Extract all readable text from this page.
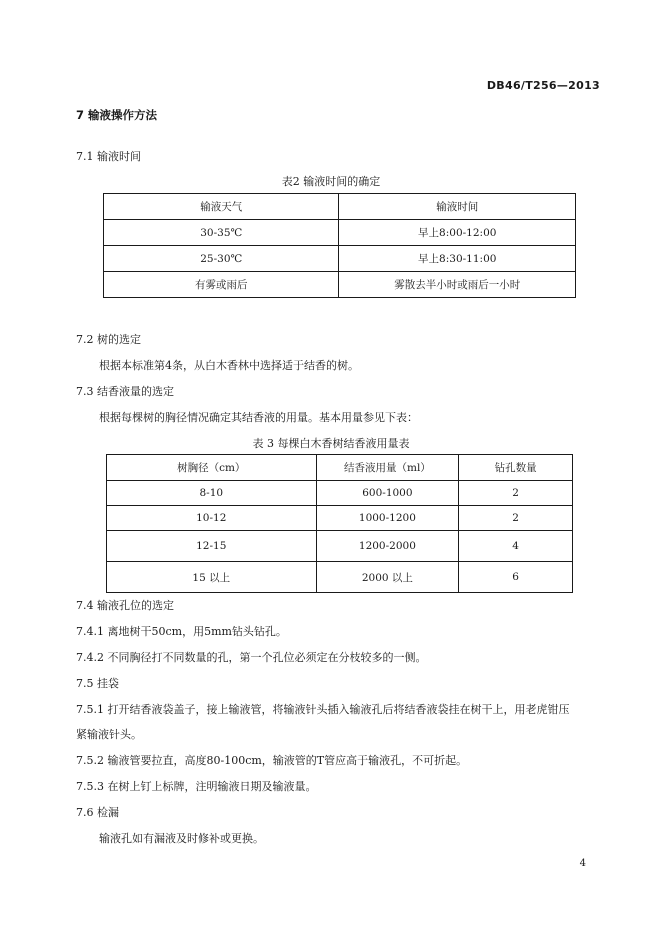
DB46/T256—2013
7 输液操作方法
7.1 输液时间
表2 输液时间的确定
输液天气	输液时间
30-35℃	早上8:00-12:00
25-30℃	早上8:30-11:00
有雾或雨后	雾散去半小时或雨后一小时
7.2 树的选定
根据本标准第4条，从白木香林中选择适于结香的树。
7.3 结香液量的选定
根据每棵树的胸径情况确定其结香液的用量。基本用量参见下表：
表 3 每棵白木香树结香液用量表
树胸径（cm）	结香液用量（ml）	钻孔数量
8-10	600-1000	2
10-12	1000-1200	2
12-15	1200-2000	4
15 以上	2000 以上	6
7.4 输液孔位的选定
7.4.1 离地树干50cm，用5mm钻头钻孔。
7.4.2 不同胸径打不同数量的孔，第一个孔位必须定在分枝较多的一侧。
7.5 挂袋
7.5.1 打开结香液袋盖子，接上输液管，将输液针头插入输液孔后将结香液袋挂在树干上，用老虎钳压
紧输液针头。
7.5.2 输液管要拉直，高度80-100cm，输液管的T管应高于输液孔，不可折起。
7.5.3 在树上钉上标牌，注明输液日期及输液量。
7.6 检漏
输液孔如有漏液及时修补或更换。
4
